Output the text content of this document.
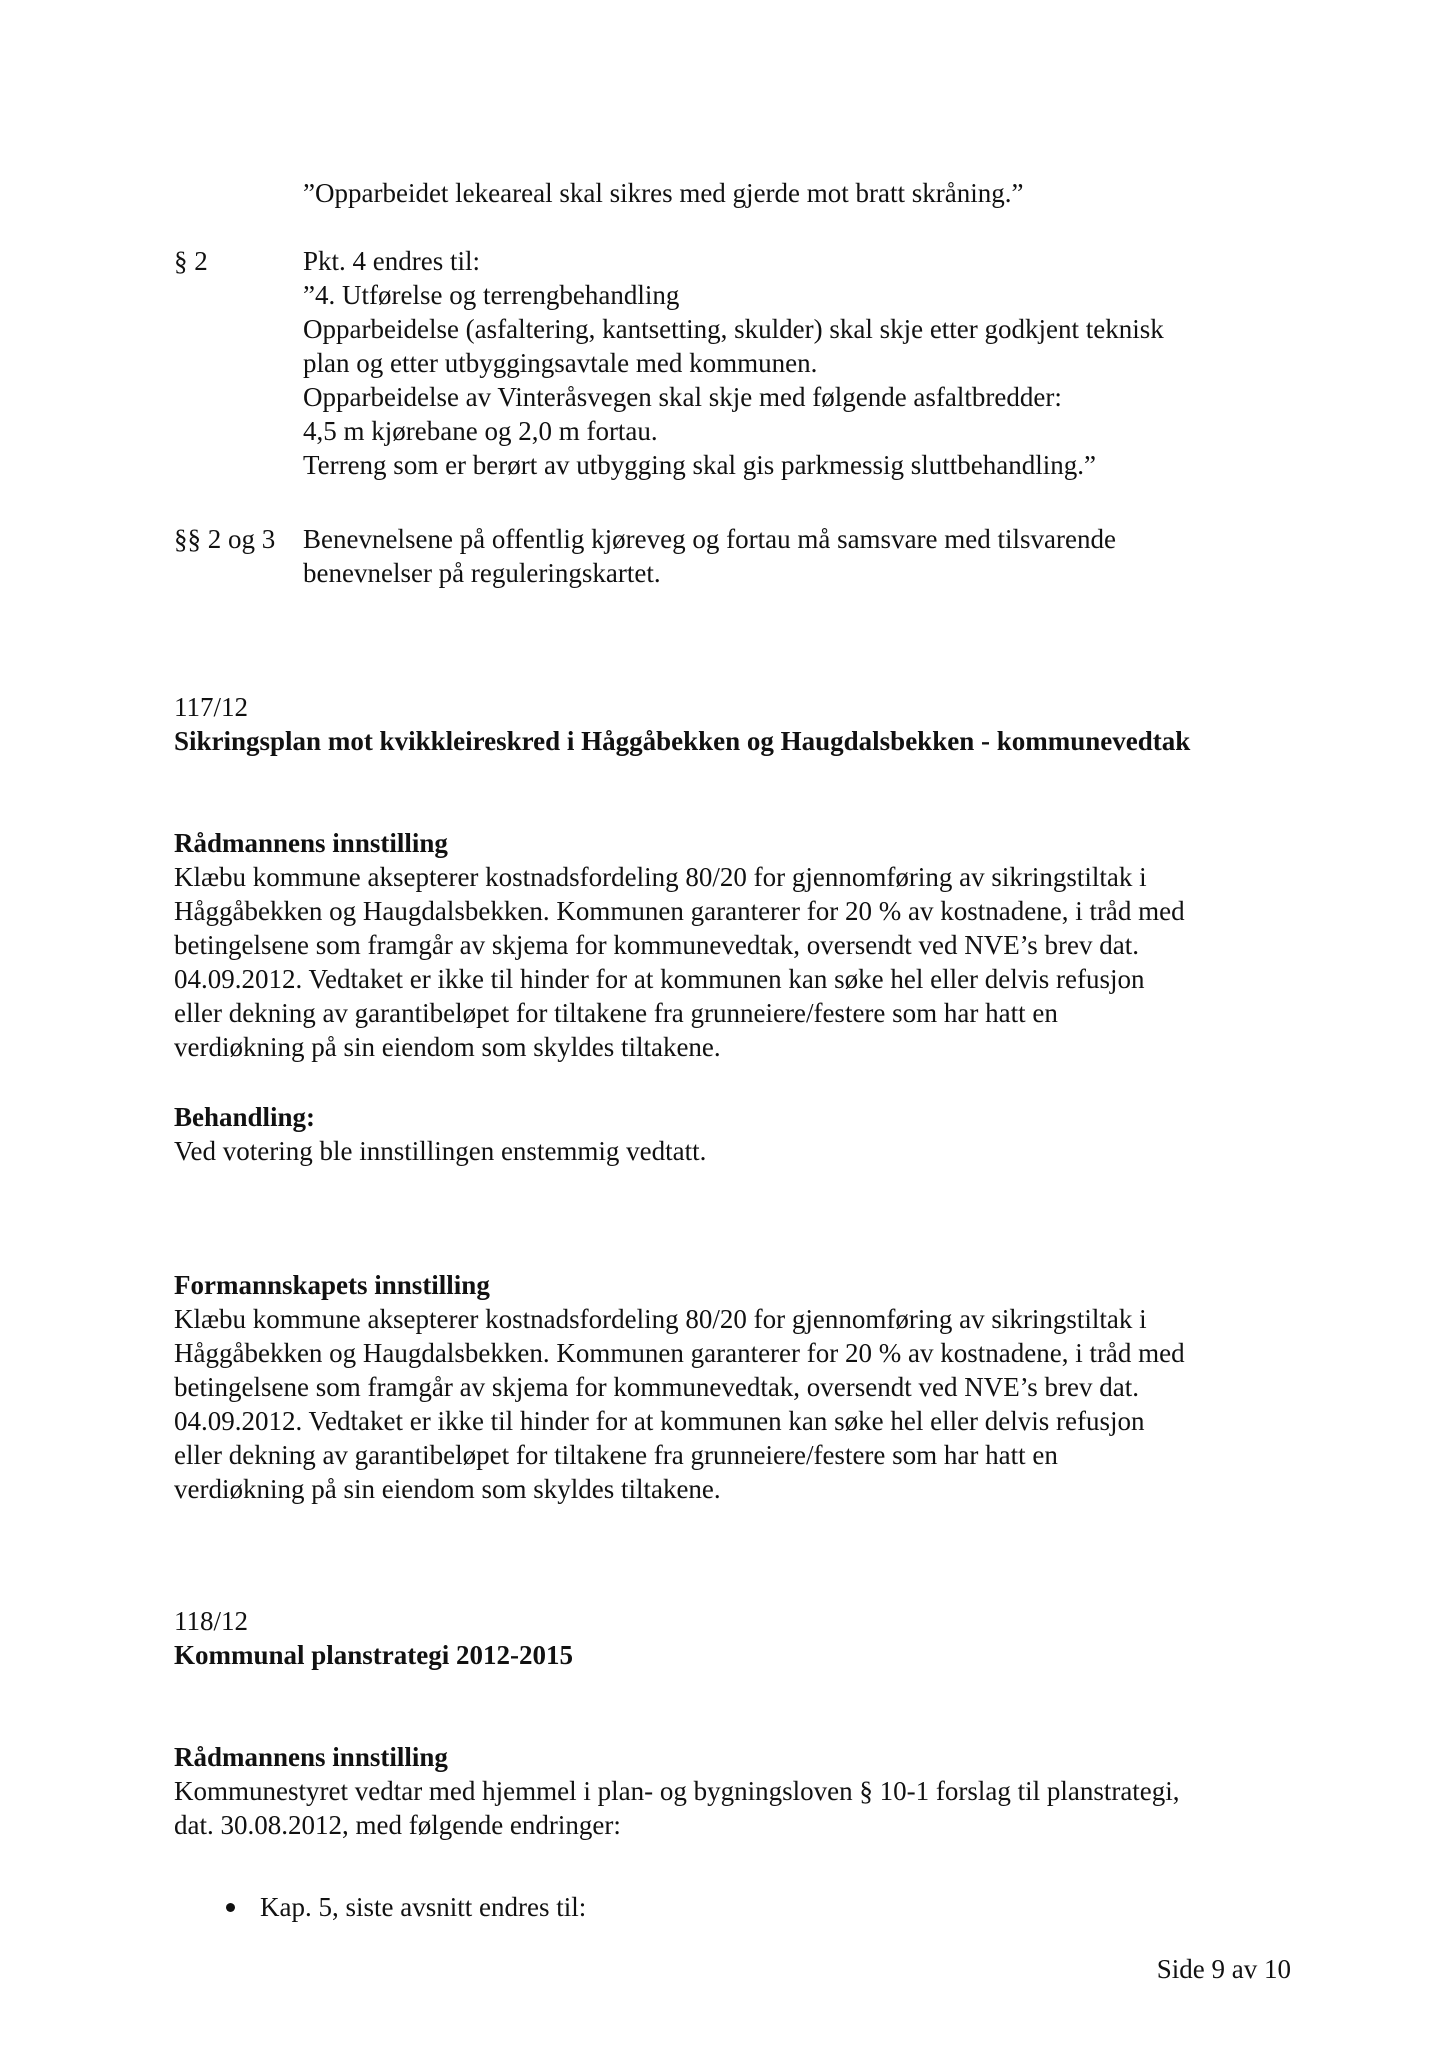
”Opparbeidet lekeareal skal sikres med gjerde mot bratt skråning.”
§ 2	Pkt. 4 endres til:
”4. Utførelse og terrengbehandling
Opparbeidelse (asfaltering, kantsetting, skulder) skal skje etter godkjent teknisk
plan og etter utbyggingsavtale med kommunen.
Opparbeidelse av Vinteråsvegen skal skje med følgende asfaltbredder:
4,5 m kjørebane og 2,0 m fortau.
Terreng som er berørt av utbygging skal gis parkmessig sluttbehandling.”
§§ 2 og 3 Benevnelsene på offentlig kjøreveg og fortau må samsvare med tilsvarende
benevnelser på reguleringskartet.
117/12
Sikringsplan mot kvikkleireskred i Håggåbekken og Haugdalsbekken - kommunevedtak
Rådmannens innstilling
Klæbu kommune aksepterer kostnadsfordeling 80/20 for gjennomføring av sikringstiltak i
Håggåbekken og Haugdalsbekken. Kommunen garanterer for 20 % av kostnadene, i tråd med
betingelsene som framgår av skjema for kommunevedtak, oversendt ved NVE’s brev dat.
04.09.2012. Vedtaket er ikke til hinder for at kommunen kan søke hel eller delvis refusjon
eller dekning av garantibeløpet for tiltakene fra grunneiere/festere som har hatt en
verdiøkning på sin eiendom som skyldes tiltakene.
Behandling:
Ved votering ble innstillingen enstemmig vedtatt.
Formannskapets innstilling
Klæbu kommune aksepterer kostnadsfordeling 80/20 for gjennomføring av sikringstiltak i
Håggåbekken og Haugdalsbekken. Kommunen garanterer for 20 % av kostnadene, i tråd med
betingelsene som framgår av skjema for kommunevedtak, oversendt ved NVE’s brev dat.
04.09.2012. Vedtaket er ikke til hinder for at kommunen kan søke hel eller delvis refusjon
eller dekning av garantibeløpet for tiltakene fra grunneiere/festere som har hatt en
verdiøkning på sin eiendom som skyldes tiltakene.
118/12
Kommunal planstrategi 2012-2015
Rådmannens innstilling
Kommunestyret vedtar med hjemmel i plan- og bygningsloven § 10-1 forslag til planstrategi,
dat. 30.08.2012, med følgende endringer:
Kap. 5, siste avsnitt endres til:
Side 9 av 10
